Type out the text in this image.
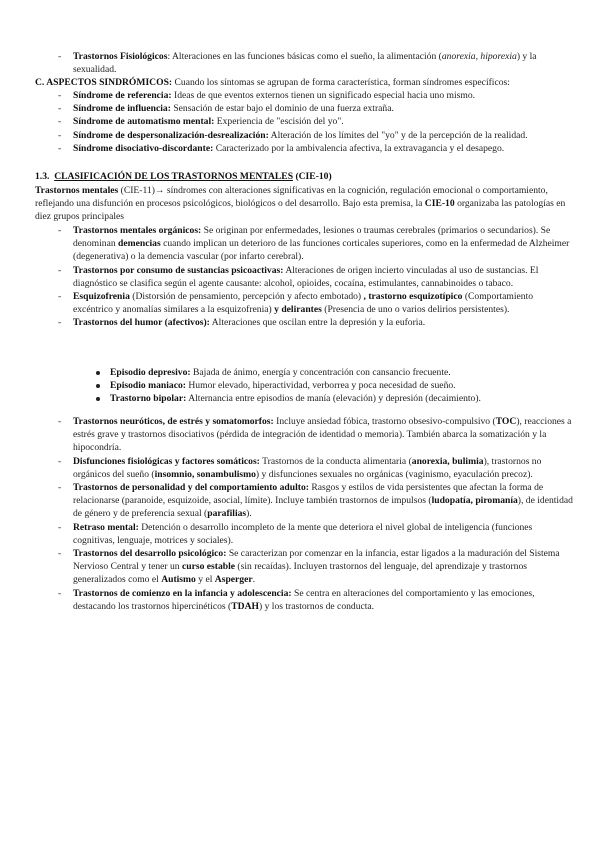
- Trastornos Fisiológicos: Alteraciones en las funciones básicas como el sueño, la alimentación (anorexia, hiporexia) y la sexualidad.
C. ASPECTOS SINDRÓMICOS: Cuando los síntomas se agrupan de forma característica, forman síndromes específicos:
- Síndrome de referencia: Ideas de que eventos externos tienen un significado especial hacia uno mismo.
- Síndrome de influencia: Sensación de estar bajo el dominio de una fuerza extraña.
- Síndrome de automatismo mental: Experiencia de "escisión del yo".
- Síndrome de despersonalización-desrealización: Alteración de los límites del "yo" y de la percepción de la realidad.
- Síndrome disociativo-discordante: Caracterizado por la ambivalencia afectiva, la extravagancia y el desapego.
1.3. CLASIFICACIÓN DE LOS TRASTORNOS MENTALES (CIE-10)
Trastornos mentales (CIE-11)→ síndromes con alteraciones significativas en la cognición, regulación emocional o comportamiento, reflejando una disfunción en procesos psicológicos, biológicos o del desarrollo. Bajo esta premisa, la CIE-10 organizaba las patologías en diez grupos principales
- Trastornos mentales orgánicos: Se originan por enfermedades, lesiones o traumas cerebrales (primarios o secundarios). Se denominan demencias cuando implican un deterioro de las funciones corticales superiores, como en la enfermedad de Alzheimer (degenerativa) o la demencia vascular (por infarto cerebral).
- Trastornos por consumo de sustancias psicoactivas: Alteraciones de origen incierto vinculadas al uso de sustancias. El diagnóstico se clasifica según el agente causante: alcohol, opioides, cocaína, estimulantes, cannabinoides o tabaco.
- Esquizofrenia (Distorsión de pensamiento, percepción y afecto embotado) , trastorno esquizotípico (Comportamiento excéntrico y anomalías similares a la esquizofrenia) y delirantes (Presencia de uno o varios delirios persistentes).
- Trastornos del humor (afectivos): Alteraciones que oscilan entre la depresión y la euforia.
Episodio depresivo: Bajada de ánimo, energía y concentración con cansancio frecuente.
Episodio maniaco: Humor elevado, hiperactividad, verborrea y poca necesidad de sueño.
Trastorno bipolar: Alternancia entre episodios de manía (elevación) y depresión (decaimiento).
- Trastornos neuróticos, de estrés y somatomorfos: Incluye ansiedad fóbica, trastorno obsesivo-compulsivo (TOC), reacciones a estrés grave y trastornos disociativos (pérdida de integración de identidad o memoria). También abarca la somatización y la hipocondría.
- Disfunciones fisiológicas y factores somáticos: Trastornos de la conducta alimentaria (anorexia, bulimia), trastornos no orgánicos del sueño (insomnio, sonambulismo) y disfunciones sexuales no orgánicas (vaginismo, eyaculación precoz).
- Trastornos de personalidad y del comportamiento adulto: Rasgos y estilos de vida persistentes que afectan la forma de relacionarse (paranoide, esquizoide, asocial, límite). Incluye también trastornos de impulsos (ludopatía, piromanía), de identidad de género y de preferencia sexual (parafilias).
- Retraso mental: Detención o desarrollo incompleto de la mente que deteriora el nivel global de inteligencia (funciones cognitivas, lenguaje, motrices y sociales).
- Trastornos del desarrollo psicológico: Se caracterizan por comenzar en la infancia, estar ligados a la maduración del Sistema Nervioso Central y tener un curso estable (sin recaídas). Incluyen trastornos del lenguaje, del aprendizaje y trastornos generalizados como el Autismo y el Asperger.
- Trastornos de comienzo en la infancia y adolescencia: Se centra en alteraciones del comportamiento y las emociones, destacando los trastornos hipercinéticos (TDAH) y los trastornos de conducta.
